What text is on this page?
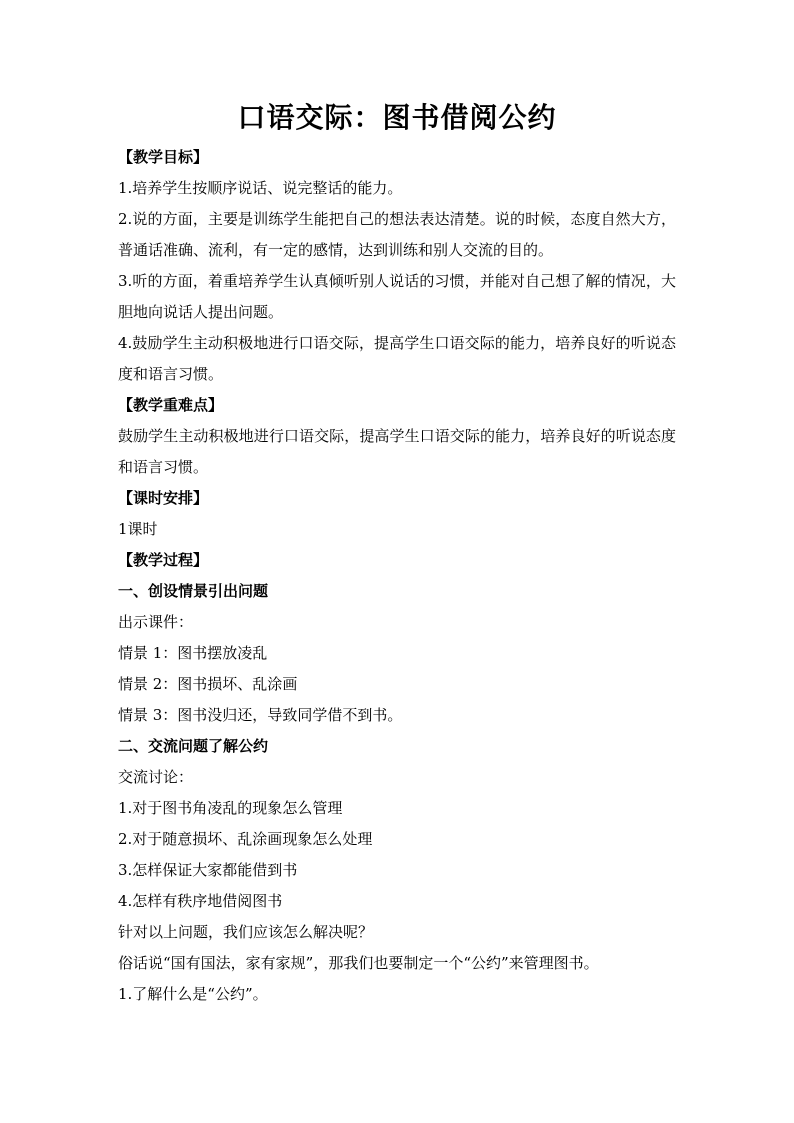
口语交际：图书借阅公约

【教学目标】

1.培养学生按顺序说话、说完整话的能力。

2.说的方面，主要是训练学生能把自己的想法表达清楚。说的时候，态度自然大方，普通话准确、流利，有一定的感情，达到训练和别人交流的目的。

3.听的方面，着重培养学生认真倾听别人说话的习惯，并能对自己想了解的情况，大胆地向说话人提出问题。

4.鼓励学生主动积极地进行口语交际，提高学生口语交际的能力，培养良好的听说态度和语言习惯。

【教学重难点】

鼓励学生主动积极地进行口语交际，提高学生口语交际的能力，培养良好的听说态度和语言习惯。

【课时安排】

1课时

【教学过程】

一、创设情景引出问题

出示课件：

情景 1：图书摆放凌乱

情景 2：图书损坏、乱涂画

情景 3：图书没归还，导致同学借不到书。

二、交流问题了解公约

交流讨论：

1.对于图书角凌乱的现象怎么管理

2.对于随意损坏、乱涂画现象怎么处理

3.怎样保证大家都能借到书

4.怎样有秩序地借阅图书

针对以上问题，我们应该怎么解决呢？

俗话说“国有国法，家有家规”，那我们也要制定一个“公约”来管理图书。

1.了解什么是“公约”。
